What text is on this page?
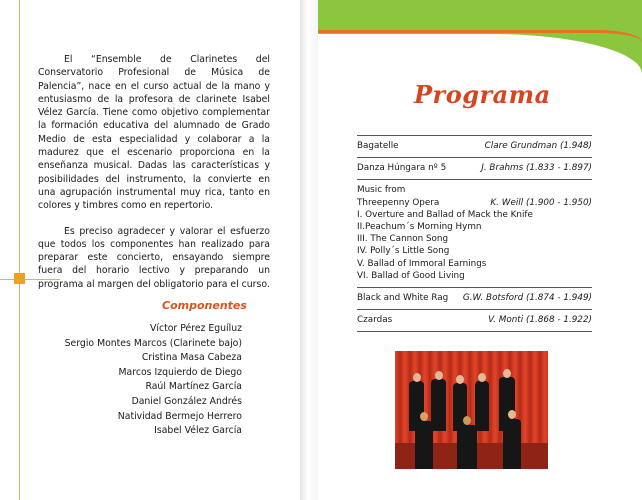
El “Ensemble de Clarinetes del Conservatorio Profesional de Música de Palencia”, nace en el curso actual de la mano y entusiasmo de la profesora de clarinete Isabel Vélez García. Tiene como objetivo complementar la formación educativa del alumnado de Grado Medio de esta especialidad y colaborar a la madurez que el escenario proporciona en la enseñanza musical. Dadas las características y posibilidades del instrumento, la convierte en una agrupación instrumental muy rica, tanto en colores y timbres como en repertorio.

Es preciso agradecer y valorar el esfuerzo que todos los componentes han realizado para preparar este concierto, ensayando siempre fuera del horario lectivo y preparando un programa al margen del obligatorio para el curso.

Componentes
Víctor Pérez Eguíluz
Sergio Montes Marcos (Clarinete bajo)
Cristina Masa Cabeza
Marcos Izquierdo de Diego
Raúl Martínez García
Daniel González Andrés
Natividad Bermejo Herrero
Isabel Vélez García
Programa
Bagatelle	Clare Grundman (1.948)
Danza Húngara nº 5	J. Brahms (1.833 - 1.897)
Music from
Threepenny Opera	K. Weill (1.900 - 1.950)
I. Overture and Ballad of Mack the Knife
II.Peachum´s Morning Hymn
III. The Cannon Song
IV. Polly´s Little Song
V. Ballad of Immoral Earnings
VI. Ballad of Good Living
Black and White Rag G.W. Botsford (1.874 - 1.949)
Czardas	V. Monti (1.868 - 1.922)
